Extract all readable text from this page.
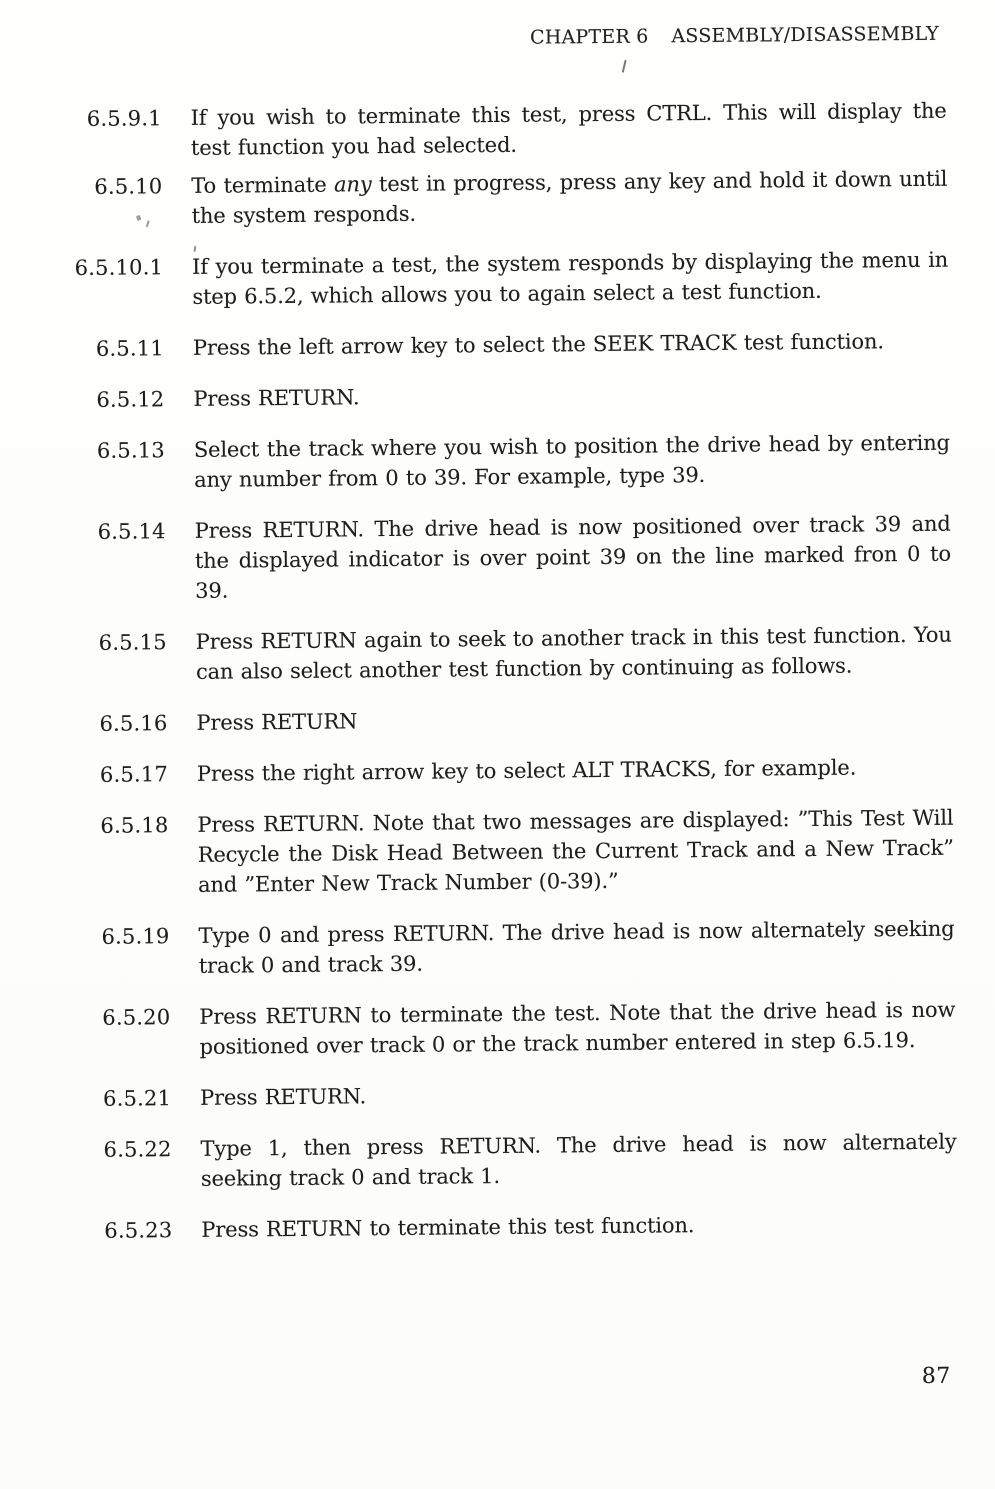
CHAPTER 6 ASSEMBLY/DISASSEMBLY
6.5.9.1 If you wish to terminate this test, press CTRL. This will display the test function you had selected.
6.5.10 To terminate any test in progress, press any key and hold it down until the system responds.
6.5.10.1 If you terminate a test, the system responds by displaying the menu in step 6.5.2, which allows you to again select a test function.
6.5.11 Press the left arrow key to select the SEEK TRACK test function.
6.5.12 Press RETURN.
6.5.13 Select the track where you wish to position the drive head by entering any number from 0 to 39. For example, type 39.
6.5.14 Press RETURN. The drive head is now positioned over track 39 and the displayed indicator is over point 39 on the line marked fron 0 to 39.
6.5.15 Press RETURN again to seek to another track in this test function. You can also select another test function by continuing as follows.
6.5.16 Press RETURN
6.5.17 Press the right arrow key to select ALT TRACKS, for example.
6.5.18 Press RETURN. Note that two messages are displayed: ”This Test Will Recycle the Disk Head Between the Current Track and a New Track” and ”Enter New Track Number (0-39).”
6.5.19 Type 0 and press RETURN. The drive head is now alternately seeking track 0 and track 39.
6.5.20 Press RETURN to terminate the test. Note that the drive head is now positioned over track 0 or the track number entered in step 6.5.19.
6.5.21 Press RETURN.
6.5.22 Type 1, then press RETURN. The drive head is now alternately seeking track 0 and track 1.
6.5.23 Press RETURN to terminate this test function.
87
